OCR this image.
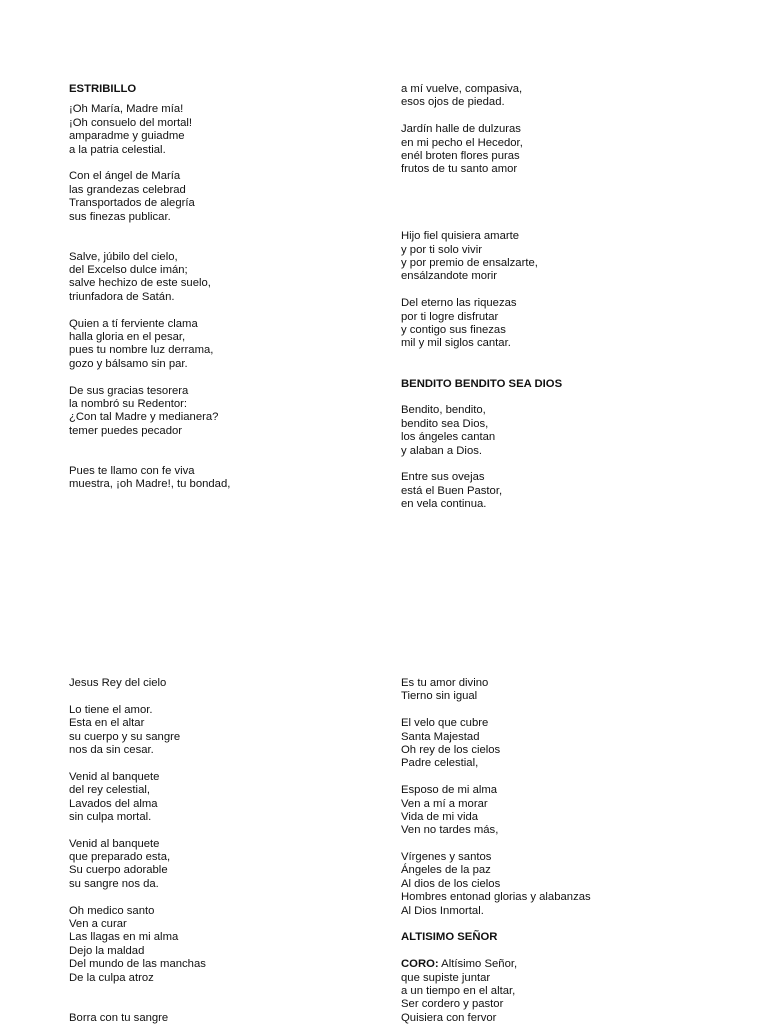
ESTRIBILLO
¡Oh María, Madre mía!
¡Oh consuelo del mortal!
amparadme y guiadme
a la patria celestial.
Con el ángel de María
las grandezas celebrad
Transportados de alegría
sus finezas publicar.
Salve, júbilo del cielo,
del Excelso dulce imán;
salve hechizo de este suelo,
triunfadora de Satán.
Quien a tí ferviente clama
halla gloria en el pesar,
pues tu nombre luz derrama,
gozo y bálsamo sin par.
De sus gracias tesorera
la nombró su Redentor:
¿Con tal Madre y medianera?
temer puedes pecador
Pues te llamo con fe viva
muestra, ¡oh Madre!, tu bondad,
a mí vuelve, compasiva,
esos ojos de piedad.
Jardín halle de dulzuras
en mi pecho el Hecedor,
enél broten flores puras
frutos de tu santo amor
Hijo fiel quisiera amarte
y por ti solo vivir
y por premio de ensalzarte,
ensálzandote morir
Del eterno las riquezas
por ti logre disfrutar
y contigo sus finezas
mil y mil siglos cantar.
BENDITO BENDITO SEA DIOS
Bendito, bendito,
bendito sea Dios,
los ángeles cantan
y alaban a Dios.
Entre sus ovejas
está el Buen Pastor,
en vela continua.
Jesus Rey del cielo
Lo tiene el amor.
Esta en el altar
su cuerpo y su sangre
nos da sin cesar.
Venid al banquete
del rey celestial,
Lavados del alma
sin culpa mortal.
Venid al banquete
que preparado esta,
Su cuerpo adorable
su sangre nos da.
Oh medico santo
Ven a curar
Las llagas en mi alma
Dejo la maldad
Del mundo de las manchas
De la culpa atroz
Borra con tu sangre
Es tu amor divino
Tierno sin igual
El velo que cubre
Santa Majestad
Oh rey de los cielos
Padre celestial,
Esposo de mi alma
Ven a mí a morar
Vida de mi vida
Ven no tardes más,
Vírgenes y santos
Ángeles de la paz
Al dios de los cielos
Hombres entonad glorias y alabanzas
Al Dios Inmortal.
ALTISIMO SEÑOR
CORO: Altísimo Señor,
que supiste juntar
a un tiempo en el altar,
Ser cordero y pastor
Quisiera con fervor
